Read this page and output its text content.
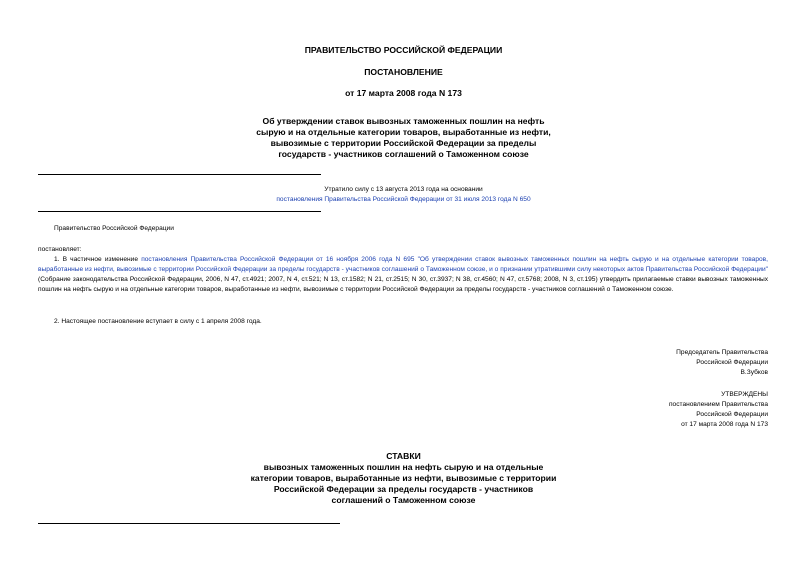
ПРАВИТЕЛЬСТВО РОССИЙСКОЙ ФЕДЕРАЦИИ

ПОСТАНОВЛЕНИЕ

от 17 марта 2008 года N 173

Об утверждении ставок вывозных таможенных пошлин на нефть

сырую и на отдельные категории товаров, выработанные из нефти,

вывозимые с территории Российской Федерации за пределы

государств - участников соглашений о Таможенном союзе

Утратило силу с 13 августа 2013 года на основании

постановления Правительства Российской Федерации от 31 июля 2013 года N 650

Правительство Российской Федерации

постановляет:

1. В частичное изменение постановления Правительства Российской Федерации от 16 ноября 2006 года N 695 "Об утверждении ставок вывозных таможенных пошлин на нефть сырую и на отдельные категории товаров, выработанные из нефти, вывозимые с территории Российской Федерации за пределы государств - участников соглашений о Таможенном союзе, и о признании утратившими силу некоторых актов Правительства Российской Федерации" (Собрание законодательства Российской Федерации, 2006, N 47, ст.4921; 2007, N 4, ст.521; N 13, ст.1582; N 21, ст.2515; N 30, ст.3937; N 38, ст.4560; N 47, ст.5768; 2008, N 3, ст.195) утвердить прилагаемые ставки вывозных таможенных пошлин на нефть сырую и на отдельные категории товаров, выработанные из нефти, вывозимые с территории Российской Федерации за пределы государств - участников соглашений о Таможенном союзе.

2. Настоящее постановление вступает в силу с 1 апреля 2008 года.

Председатель Правительства
Российской Федерации
В.Зубков
УТВЕРЖДЕНЫ
постановлением Правительства
Российской Федерации
от 17 марта 2008 года N 173

СТАВКИ

вывозных таможенных пошлин на нефть сырую и на отдельные

категории товаров, выработанные из нефти, вывозимые с территории

Российской Федерации за пределы государств - участников

соглашений о Таможенном союзе
